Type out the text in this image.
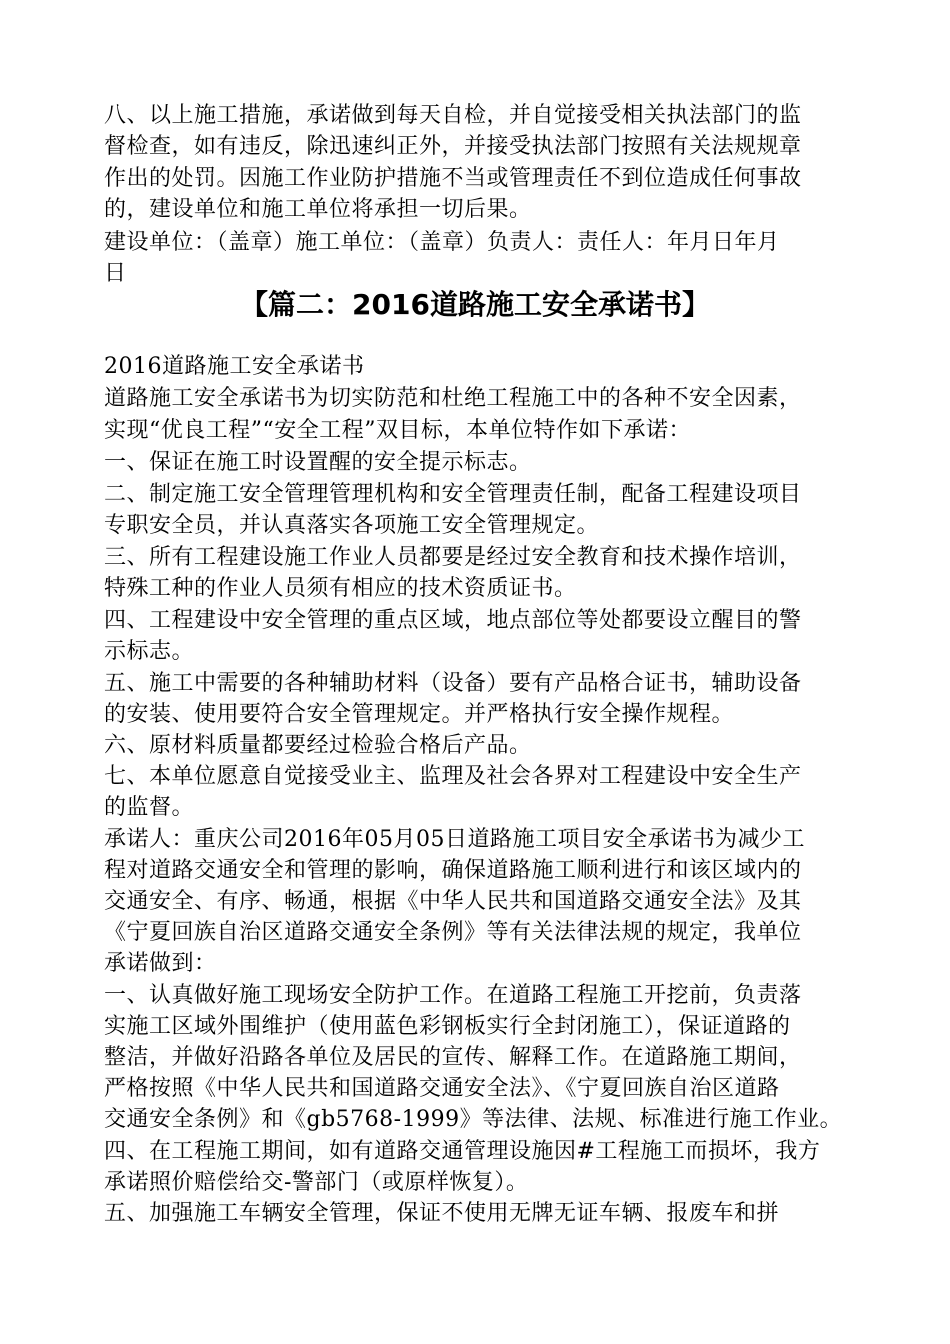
八、以上施工措施，承诺做到每天自检，并自觉接受相关执法部门的监
督检查，如有违反，除迅速纠正外，并接受执法部门按照有关法规规章
作出的处罚。因施工作业防护措施不当或管理责任不到位造成任何事故
的，建设单位和施工单位将承担一切后果。
建设单位：（盖章）施工单位：（盖章）负责人：责任人：年月日年月
日
【篇二：2016道路施工安全承诺书】
2016道路施工安全承诺书
道路施工安全承诺书为切实防范和杜绝工程施工中的各种不安全因素，
实现“优良工程”“安全工程”双目标，本单位特作如下承诺：
一、保证在施工时设置醒的安全提示标志。
二、制定施工安全管理管理机构和安全管理责任制，配备工程建设项目
专职安全员，并认真落实各项施工安全管理规定。
三、所有工程建设施工作业人员都要是经过安全教育和技术操作培训，
特殊工种的作业人员须有相应的技术资质证书。
四、工程建设中安全管理的重点区域，地点部位等处都要设立醒目的警
示标志。
五、施工中需要的各种辅助材料（设备）要有产品格合证书，辅助设备
的安装、使用要符合安全管理规定。并严格执行安全操作规程。
六、原材料质量都要经过检验合格后产品。
七、本单位愿意自觉接受业主、监理及社会各界对工程建设中安全生产
的监督。
承诺人：重庆公司2016年05月05日道路施工项目安全承诺书为减少工
程对道路交通安全和管理的影响，确保道路施工顺利进行和该区域内的
交通安全、有序、畅通，根据《中华人民共和国道路交通安全法》及其
《宁夏回族自治区道路交通安全条例》等有关法律法规的规定，我单位
承诺做到：
一、认真做好施工现场安全防护工作。在道路工程施工开挖前，负责落
实施工区域外围维护（使用蓝色彩钢板实行全封闭施工），保证道路的
整洁，并做好沿路各单位及居民的宣传、解释工作。在道路施工期间，
严格按照《中华人民共和国道路交通安全法》、《宁夏回族自治区道路
交通安全条例》和《gb5768-1999》等法律、法规、标准进行施工作业。
四、在工程施工期间，如有道路交通管理设施因#工程施工而损坏，我方
承诺照价赔偿给交-警部门（或原样恢复）。
五、加强施工车辆安全管理，保证不使用无牌无证车辆、报废车和拼
